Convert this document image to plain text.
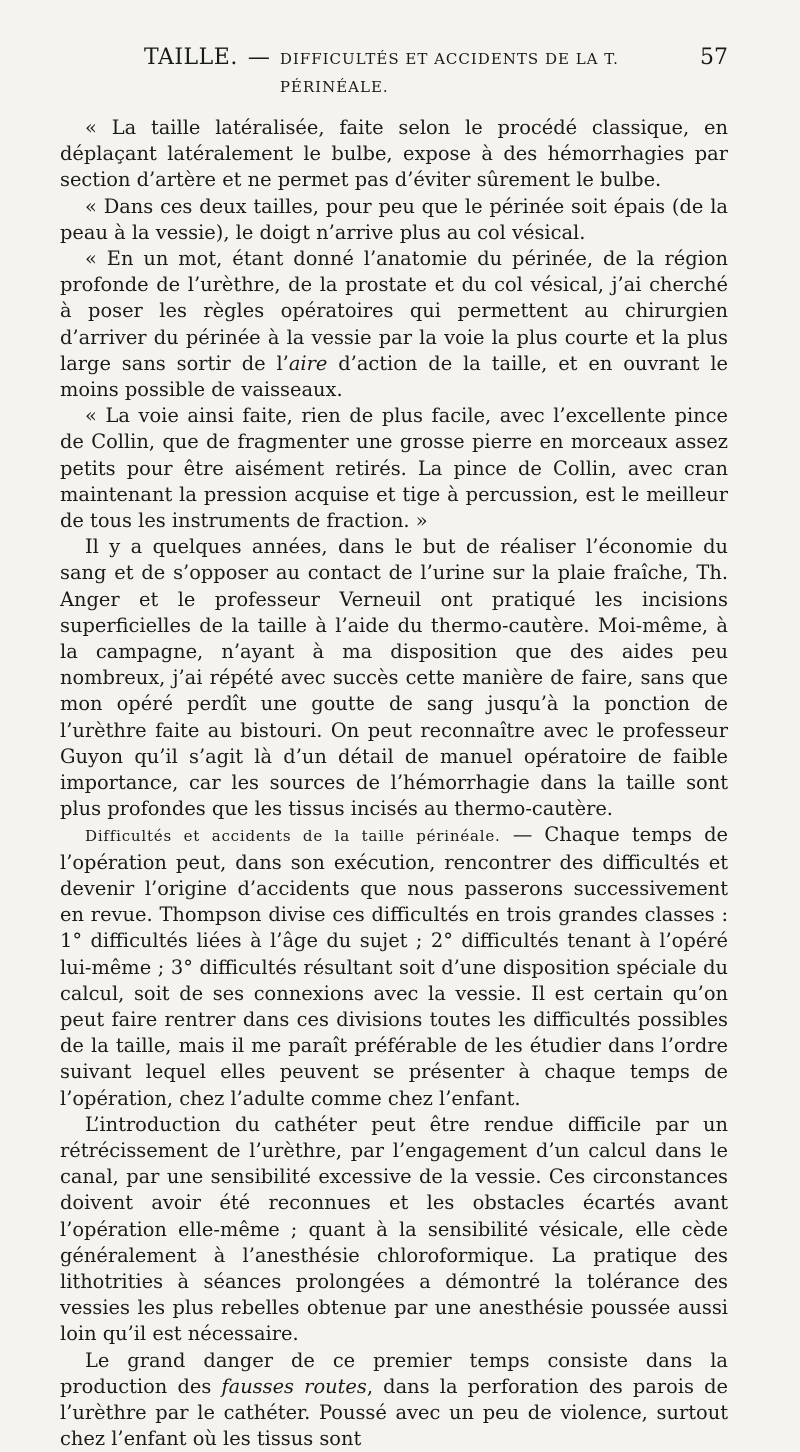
TAILLE. — DIFFICULTÉS ET ACCIDENTS DE LA T. PÉRINÉALE.
57

« La taille latéralisée, faite selon le procédé classique, en déplaçant latéralement le bulbe, expose à des hémorrhagies par section d’artère et ne permet pas d’éviter sûrement le bulbe.

« Dans ces deux tailles, pour peu que le périnée soit épais (de la peau à la vessie), le doigt n’arrive plus au col vésical.

« En un mot, étant donné l’anatomie du périnée, de la région profonde de l’urèthre, de la prostate et du col vésical, j’ai cherché à poser les règles opératoires qui permettent au chirurgien d’arriver du périnée à la vessie par la voie la plus courte et la plus large sans sortir de l’aire d’action de la taille, et en ouvrant le moins possible de vaisseaux.

« La voie ainsi faite, rien de plus facile, avec l’excellente pince de Collin, que de fragmenter une grosse pierre en morceaux assez petits pour être aisément retirés. La pince de Collin, avec cran maintenant la pression acquise et tige à percussion, est le meilleur de tous les instruments de fraction. »

Il y a quelques années, dans le but de réaliser l’économie du sang et de s’opposer au contact de l’urine sur la plaie fraîche, Th. Anger et le professeur Verneuil ont pratiqué les incisions superficielles de la taille à l’aide du thermo-cautère. Moi-même, à la campagne, n’ayant à ma disposition que des aides peu nombreux, j’ai répété avec succès cette manière de faire, sans que mon opéré perdît une goutte de sang jusqu’à la ponction de l’urèthre faite au bistouri. On peut reconnaître avec le professeur Guyon qu’il s’agit là d’un détail de manuel opératoire de faible importance, car les sources de l’hémorrhagie dans la taille sont plus profondes que les tissus incisés au thermo-cautère.

Difficultés et accidents de la taille périnéale. — Chaque temps de l’opération peut, dans son exécution, rencontrer des difficultés et devenir l’origine d’accidents que nous passerons successivement en revue. Thompson divise ces difficultés en trois grandes classes : 1° difficultés liées à l’âge du sujet ; 2° difficultés tenant à l’opéré lui-même ; 3° difficultés résultant soit d’une disposition spéciale du calcul, soit de ses connexions avec la vessie. Il est certain qu’on peut faire rentrer dans ces divisions toutes les difficultés possibles de la taille, mais il me paraît préférable de les étudier dans l’ordre suivant lequel elles peuvent se présenter à chaque temps de l’opération, chez l’adulte comme chez l’enfant.

L’introduction du cathéter peut être rendue difficile par un rétrécissement de l’urèthre, par l’engagement d’un calcul dans le canal, par une sensibilité excessive de la vessie. Ces circonstances doivent avoir été reconnues et les obstacles écartés avant l’opération elle-même ; quant à la sensibilité vésicale, elle cède généralement à l’anesthésie chloroformique. La pratique des lithotrities à séances prolongées a démontré la tolérance des vessies les plus rebelles obtenue par une anesthésie poussée aussi loin qu’il est nécessaire.

Le grand danger de ce premier temps consiste dans la production des fausses routes, dans la perforation des parois de l’urèthre par le cathéter. Poussé avec un peu de violence, surtout chez l’enfant où les tissus sont
